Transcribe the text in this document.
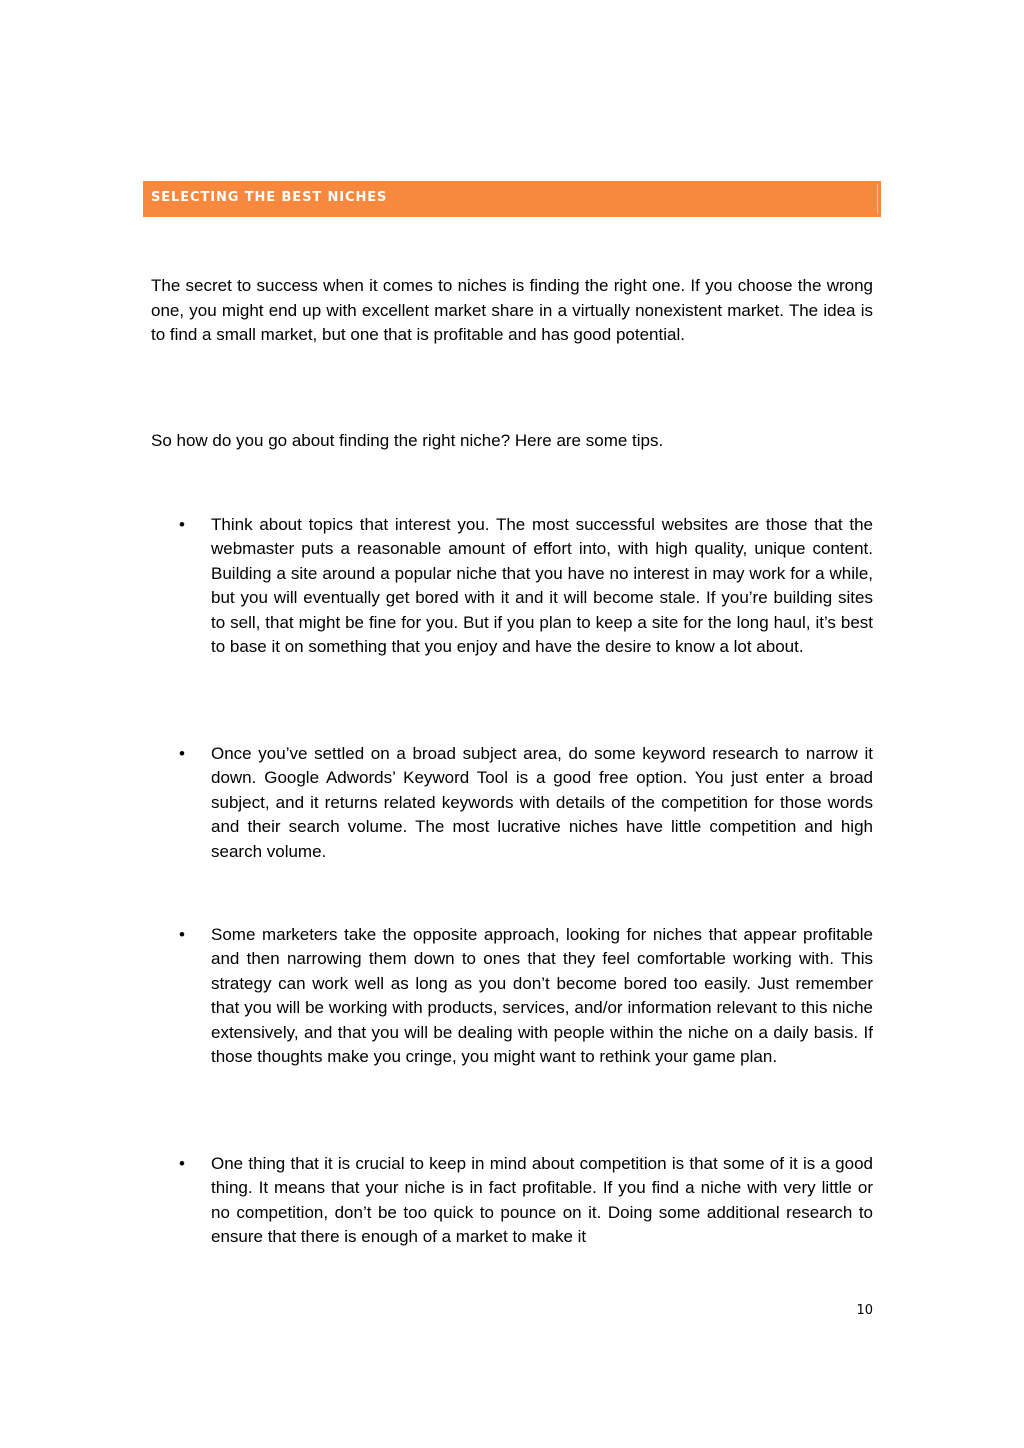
SELECTING THE BEST NICHES

The secret to success when it comes to niches is finding the right one. If you choose the wrong one, you might end up with excellent market share in a virtually nonexistent market. The idea is to find a small market, but one that is profitable and has good potential.

So how do you go about finding the right niche? Here are some tips.

• Think about topics that interest you. The most successful websites are those that the webmaster puts a reasonable amount of effort into, with high quality, unique content. Building a site around a popular niche that you have no interest in may work for a while, but you will eventually get bored with it and it will become stale. If you’re building sites to sell, that might be fine for you. But if you plan to keep a site for the long haul, it’s best to base it on something that you enjoy and have the desire to know a lot about.
• Once you’ve settled on a broad subject area, do some keyword research to narrow it down. Google Adwords’ Keyword Tool is a good free option. You just enter a broad subject, and it returns related keywords with details of the competition for those words and their search volume. The most lucrative niches have little competition and high search volume.
• Some marketers take the opposite approach, looking for niches that appear profitable and then narrowing them down to ones that they feel comfortable working with. This strategy can work well as long as you don’t become bored too easily. Just remember that you will be working with products, services, and/or information relevant to this niche extensively, and that you will be dealing with people within the niche on a daily basis. If those thoughts make you cringe, you might want to rethink your game plan.
• One thing that it is crucial to keep in mind about competition is that some of it is a good thing. It means that your niche is in fact profitable. If you find a niche with very little or no competition, don’t be too quick to pounce on it. Doing some additional research to ensure that there is enough of a market to make it
10
